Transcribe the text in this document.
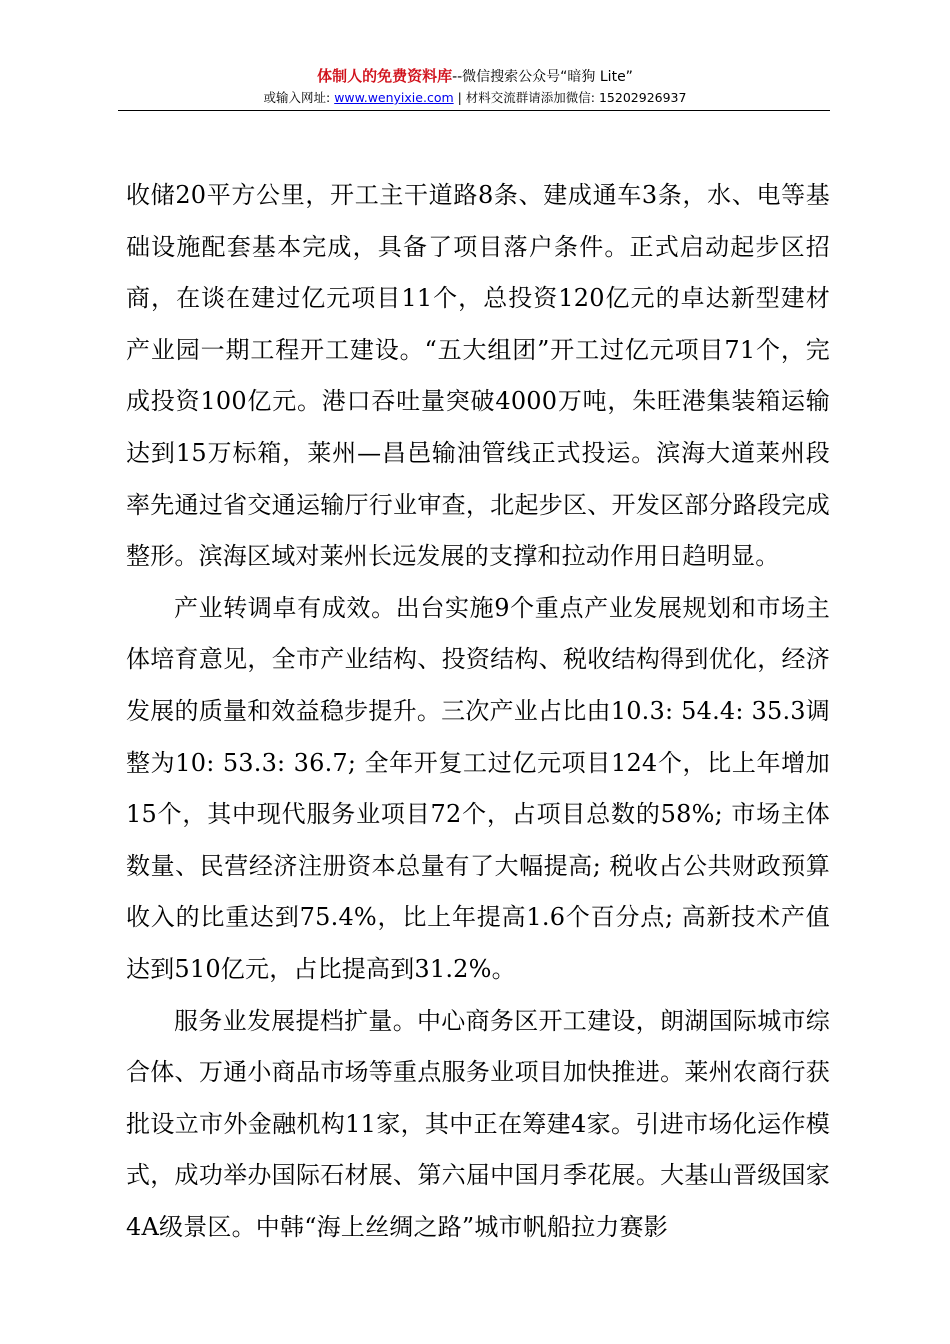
体制人的免费资料库--微信搜索公众号“暗狗 Lite”
或输入网址: www.wenyixie.com | 材料交流群请添加微信: 15202926937

收储20平方公里，开工主干道路8条、建成通车3条，水、电等基础设施配套基本完成，具备了项目落户条件。正式启动起步区招商，在谈在建过亿元项目11个，总投资120亿元的卓达新型建材产业园一期工程开工建设。“五大组团”开工过亿元项目71个，完成投资100亿元。港口吞吐量突破4000万吨，朱旺港集装箱运输达到15万标箱，莱州—昌邑输油管线正式投运。滨海大道莱州段率先通过省交通运输厅行业审查，北起步区、开发区部分路段完成整形。滨海区域对莱州长远发展的支撑和拉动作用日趋明显。

产业转调卓有成效。出台实施9个重点产业发展规划和市场主体培育意见，全市产业结构、投资结构、税收结构得到优化，经济发展的质量和效益稳步提升。三次产业占比由10.3: 54.4: 35.3调整为10: 53.3: 36.7; 全年开复工过亿元项目124个，比上年增加15个，其中现代服务业项目72个，占项目总数的58%; 市场主体数量、民营经济注册资本总量有了大幅提高; 税收占公共财政预算收入的比重达到75.4%，比上年提高1.6个百分点; 高新技术产值达到510亿元，占比提高到31.2%。

服务业发展提档扩量。中心商务区开工建设，朗湖国际城市综合体、万通小商品市场等重点服务业项目加快推进。莱州农商行获批设立市外金融机构11家，其中正在筹建4家。引进市场化运作模式，成功举办国际石材展、第六届中国月季花展。大基山晋级国家4A级景区。中韩“海上丝绸之路”城市帆船拉力赛影
